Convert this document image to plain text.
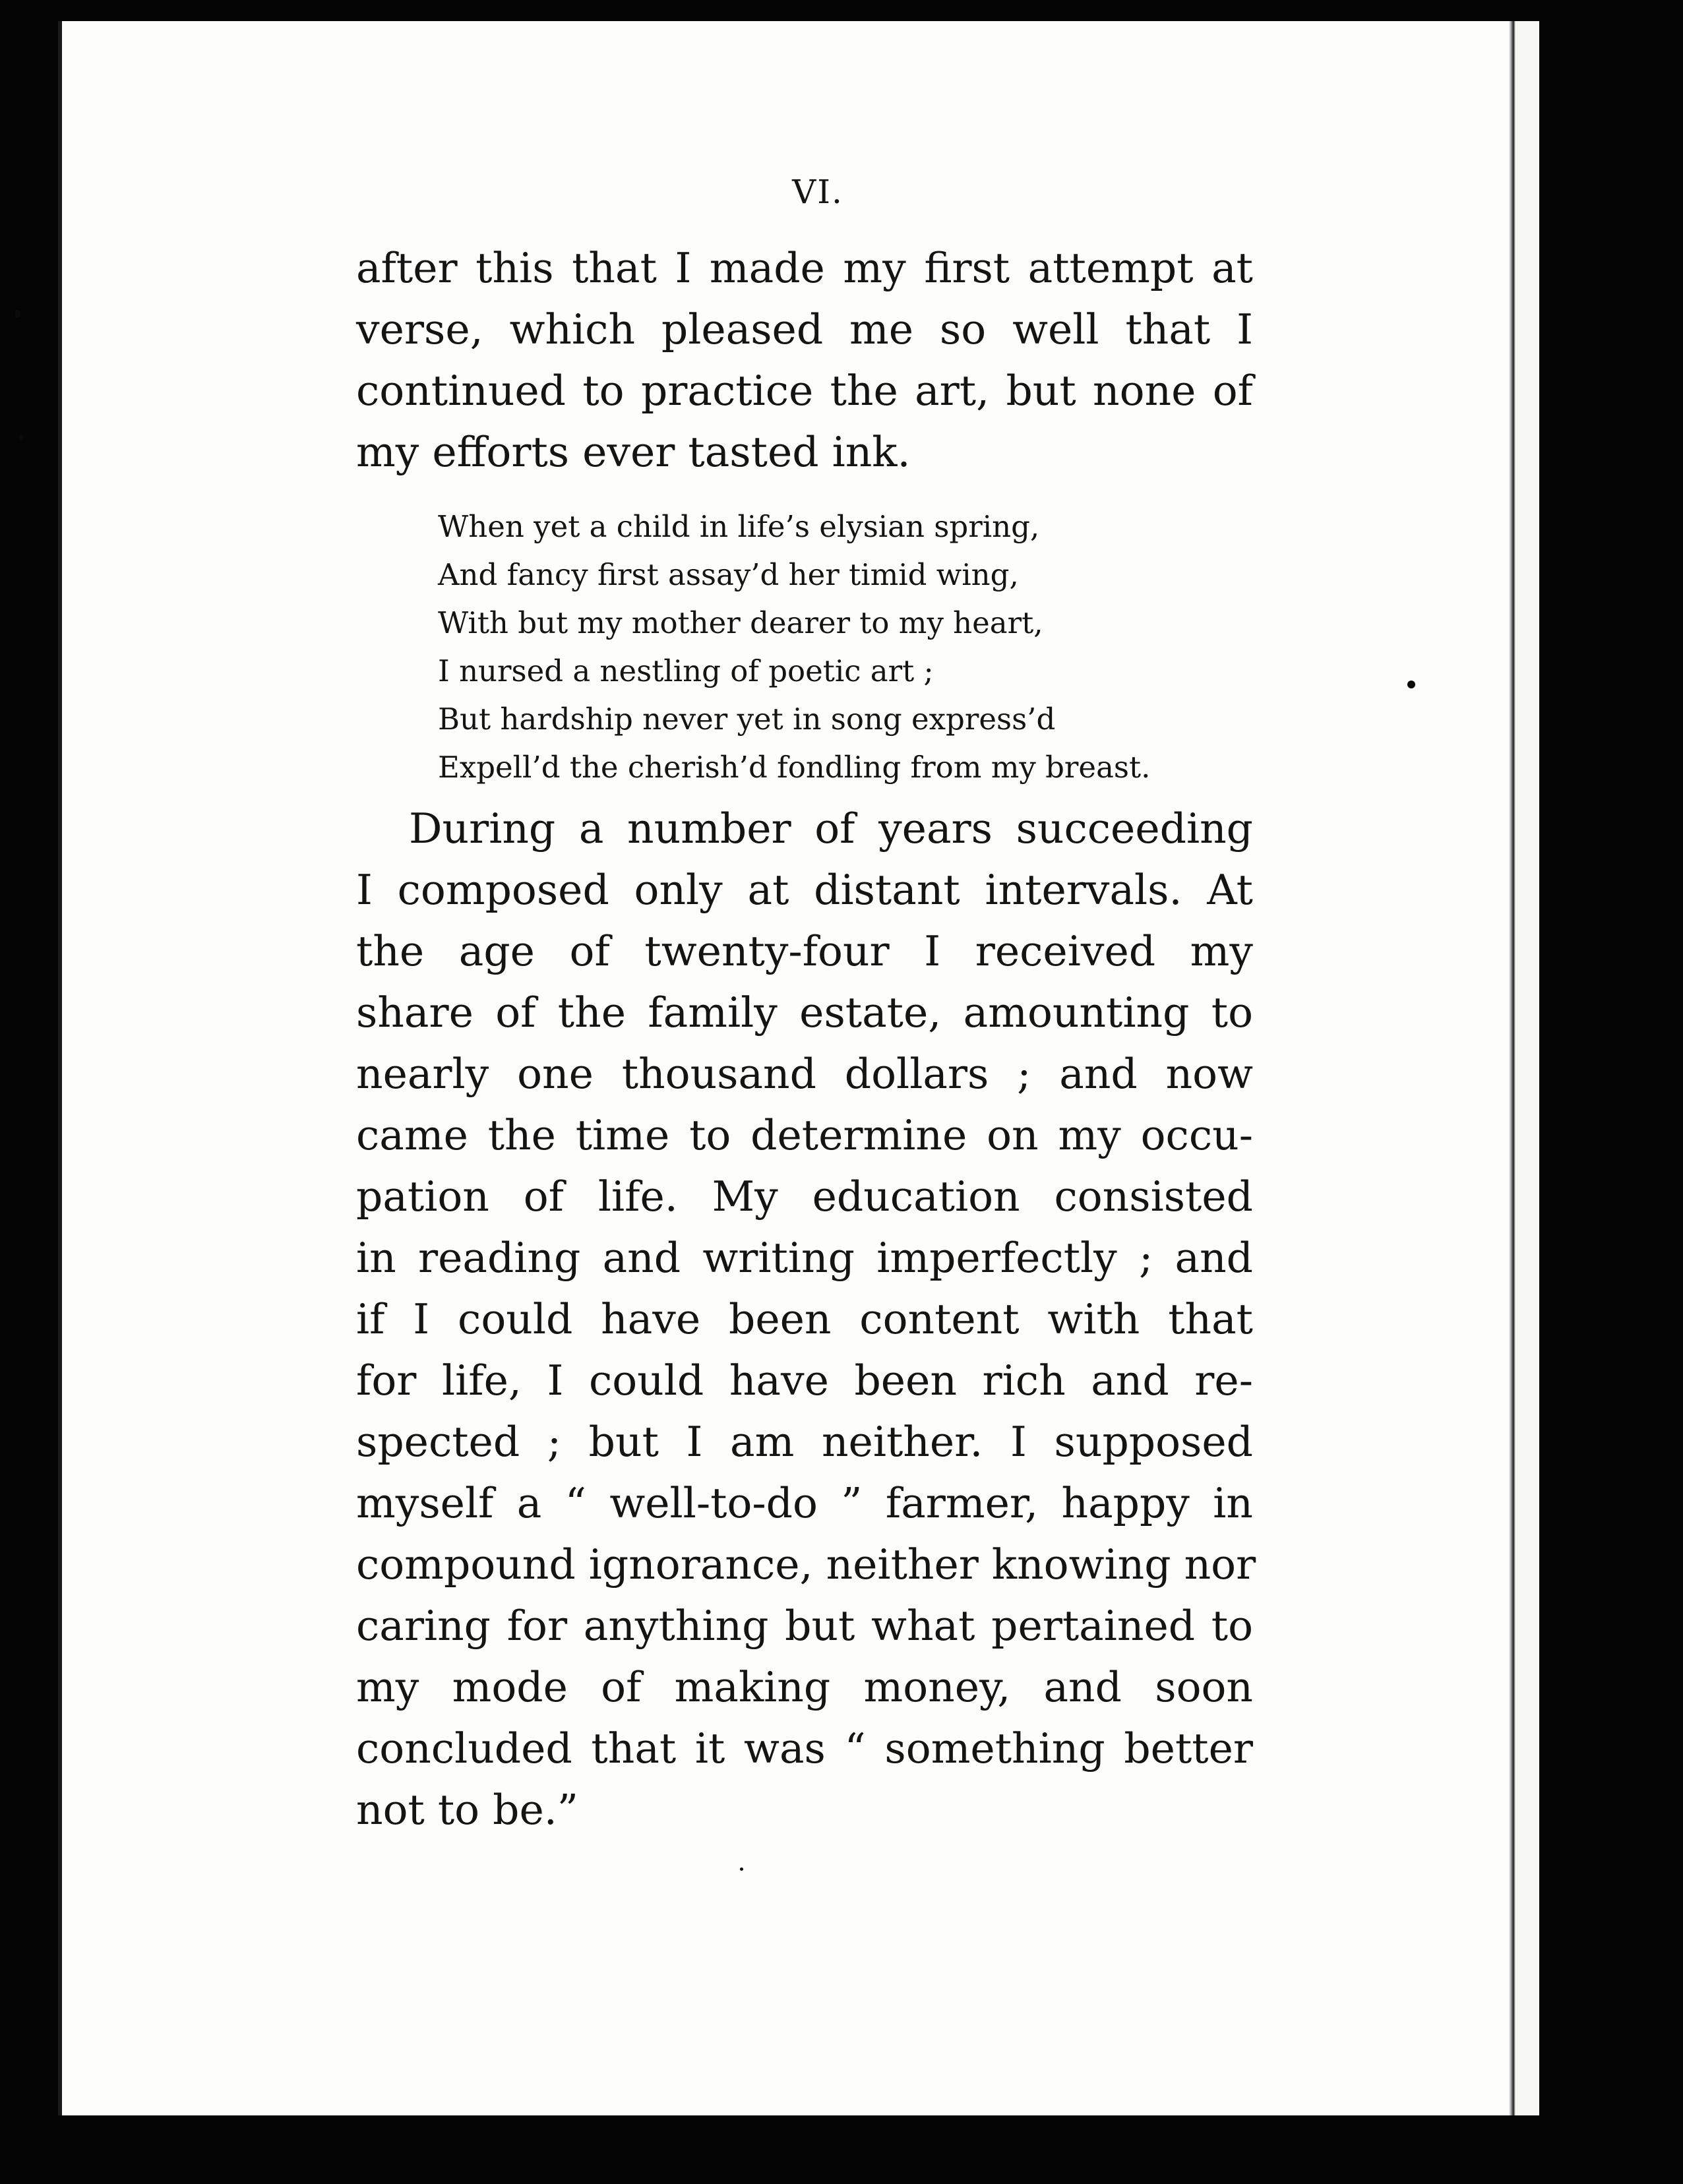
VI.
after this that I made my first attempt at
verse, which pleased me so well that I
continued to practice the art, but none of
my efforts ever tasted ink.
When yet a child in life’s elysian spring,
And fancy first assay’d her timid wing,
With but my mother dearer to my heart,
I nursed a nestling of poetic art ;
But hardship never yet in song express’d
Expell’d the cherish’d fondling from my breast.
During a number of years succeeding
I composed only at distant intervals. At
the age of twenty-four I received my
share of the family estate, amounting to
nearly one thousand dollars ; and now
came the time to determine on my occu-
pation of life. My education consisted
in reading and writing imperfectly ; and
if I could have been content with that
for life, I could have been rich and re-
spected ; but I am neither. I supposed
myself a “ well-to-do ” farmer, happy in
compound ignorance, neither knowing nor
caring for anything but what pertained to
my mode of making money, and soon
concluded that it was “ something better
not to be.”
